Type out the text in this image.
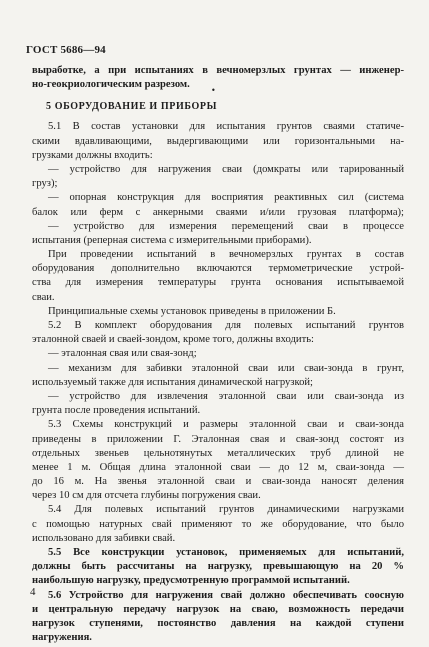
ГОСТ 5686—94
•
выработке, а при испытаниях в вечномерзлых грунтах — инженер-
но-геокриологическим разрезом.
5 ОБОРУДОВАНИЕ И ПРИБОРЫ
5.1 В состав установки для испытания грунтов сваями статиче-
скими вдавливающими, выдергивающими или горизонтальными на-
грузками должны входить:
— устройство для нагружения сваи (домкраты или тарированный
груз);
— опорная конструкция для восприятия реактивных сил (система
балок или ферм с анкерными сваями и/или грузовая платформа);
— устройство для измерения перемещений сваи в процессе
испытания (реперная система с измерительными приборами).
При проведении испытаний в вечномерзлых грунтах в состав
оборудования дополнительно включаются термометрические устрой-
ства для измерения температуры грунта основания испытываемой
сваи.
Принципиальные схемы установок приведены в приложении Б.
5.2 В комплект оборудования для полевых испытаний грунтов
эталонной сваей и сваей-зондом, кроме того, должны входить:
— эталонная свая или свая-зонд;
— механизм для забивки эталонной сваи или сваи-зонда в грунт,
используемый также для испытания динамической нагрузкой;
— устройство для извлечения эталонной сваи или сваи-зонда из
грунта после проведения испытаний.
5.3 Схемы конструкций и размеры эталонной сваи и сваи-зонда
приведены в приложении Г. Эталонная свая и свая-зонд состоят из
отдельных звеньев цельнотянутых металлических труб длиной не
менее 1 м. Общая длина эталонной сваи — до 12 м, сваи-зонда —
до 16 м. На звенья эталонной сваи и сваи-зонда наносят деления
через 10 см для отсчета глубины погружения сваи.
5.4 Для полевых испытаний грунтов динамическими нагрузками
с помощью натурных свай применяют то же оборудование, что было
использовано для забивки свай.
5.5 Все конструкции установок, применяемых для испытаний,
должны быть рассчитаны на нагрузку, превышающую на 20 %
наибольшую нагрузку, предусмотренную программой испытаний.
5.6 Устройство для нагружения свай должно обеспечивать соосную
и центральную передачу нагрузок на сваю, возможность передачи
нагрузок ступенями, постоянство давления на каждой ступени
нагружения.
4
